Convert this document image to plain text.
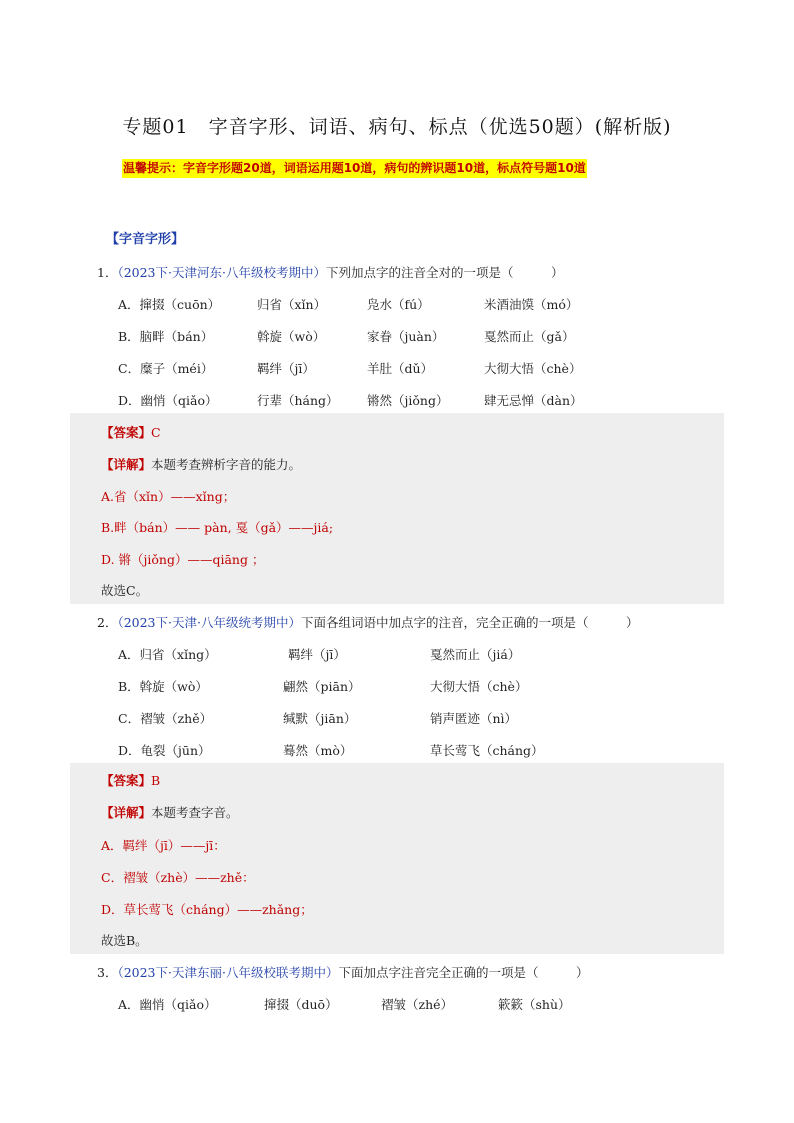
专题01　字音字形、词语、病句、标点（优选50题）(解析版)
温馨提示：字音字形题20道，词语运用题10道，病句的辨识题10道，标点符号题10道
【字音字形】
1．（2023下·天津河东·八年级校考期中）下列加点字的注音全对的一项是（　　　）
A．撺掇（cuōn）	归省（xǐn）	凫水（fú）	米酒油馍（mó）
B．脑畔（bán）	斡旋（wò）	家眷（juàn）	戛然而止（gǎ）
C．糜子（méi）	羁绊（jī）	羊肚（dǔ）	大彻大悟（chè）
D．幽悄（qiǎo）	行辈（háng） 锵然（jiǒng）	肆无忌惮（dàn）
【答案】C
【详解】本题考查辨析字音的能力。
A.省（xǐn）——xǐng；
B.畔（bán）—— pàn, 戛（gǎ）——jiá;
D. 锵（jiǒng）——qiāng ；
故选C。
2．（2023下·天津·八年级统考期中）下面各组词语中加点字的注音，完全正确的一项是（　　　）
A．归省（xǐng）	羁绊（jī）	戛然而止（jiá）
B．斡旋（wò）	翩然（piān）	大彻大悟（chè）
C．褶皱（zhě）	缄默（jiān）	销声匿迹（nì）
D．龟裂（jūn）	蓦然（mò）	草长莺飞（cháng）
【答案】B
【详解】本题考查字音。
A．羁绊（jī）——jī：
C．褶皱（zhè）——zhě：
D．草长莺飞（cháng）——zhǎng；
故选B。
3．（2023下·天津东丽·八年级校联考期中）下面加点字注音完全正确的一项是（　　　）
A．幽悄（qiǎo）	撺掇（duō）	褶皱（zhé）	簌簌（shù）
